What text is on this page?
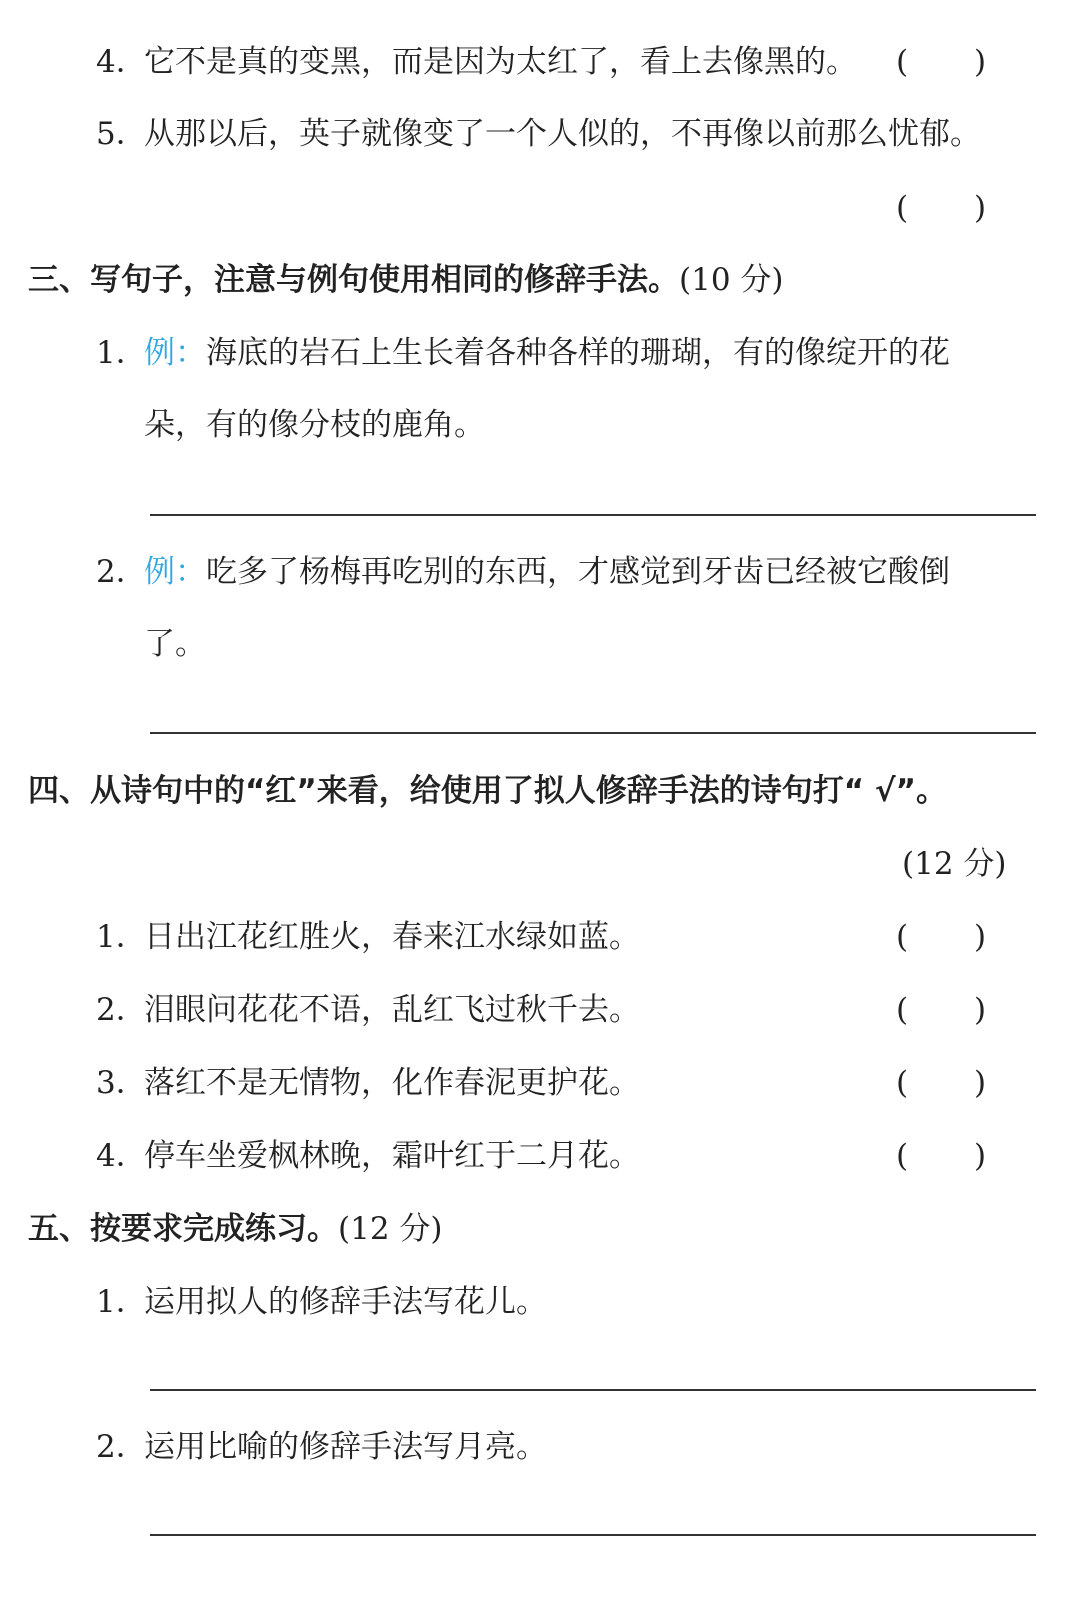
4．它不是真的变黑，而是因为太红了，看上去像黑的。 ( )
5．从那以后，英子就像变了一个人似的，不再像以前那么忧郁。
( )
三、写句子，注意与例句使用相同的修辞手法。(10 分)
1．例：海底的岩石上生长着各种各样的珊瑚，有的像绽开的花
朵，有的像分枝的鹿角。
2．例：吃多了杨梅再吃别的东西，才感觉到牙齿已经被它酸倒
了。
四、从诗句中的“红”来看，给使用了拟人修辞手法的诗句打“ √”。
(12 分)
1．日出江花红胜火，春来江水绿如蓝。	( )
2．泪眼问花花不语，乱红飞过秋千去。	( )
3．落红不是无情物，化作春泥更护花。	( )
4．停车坐爱枫林晚，霜叶红于二月花。	( )
五、按要求完成练习。(12 分)
1．运用拟人的修辞手法写花儿。
2．运用比喻的修辞手法写月亮。
